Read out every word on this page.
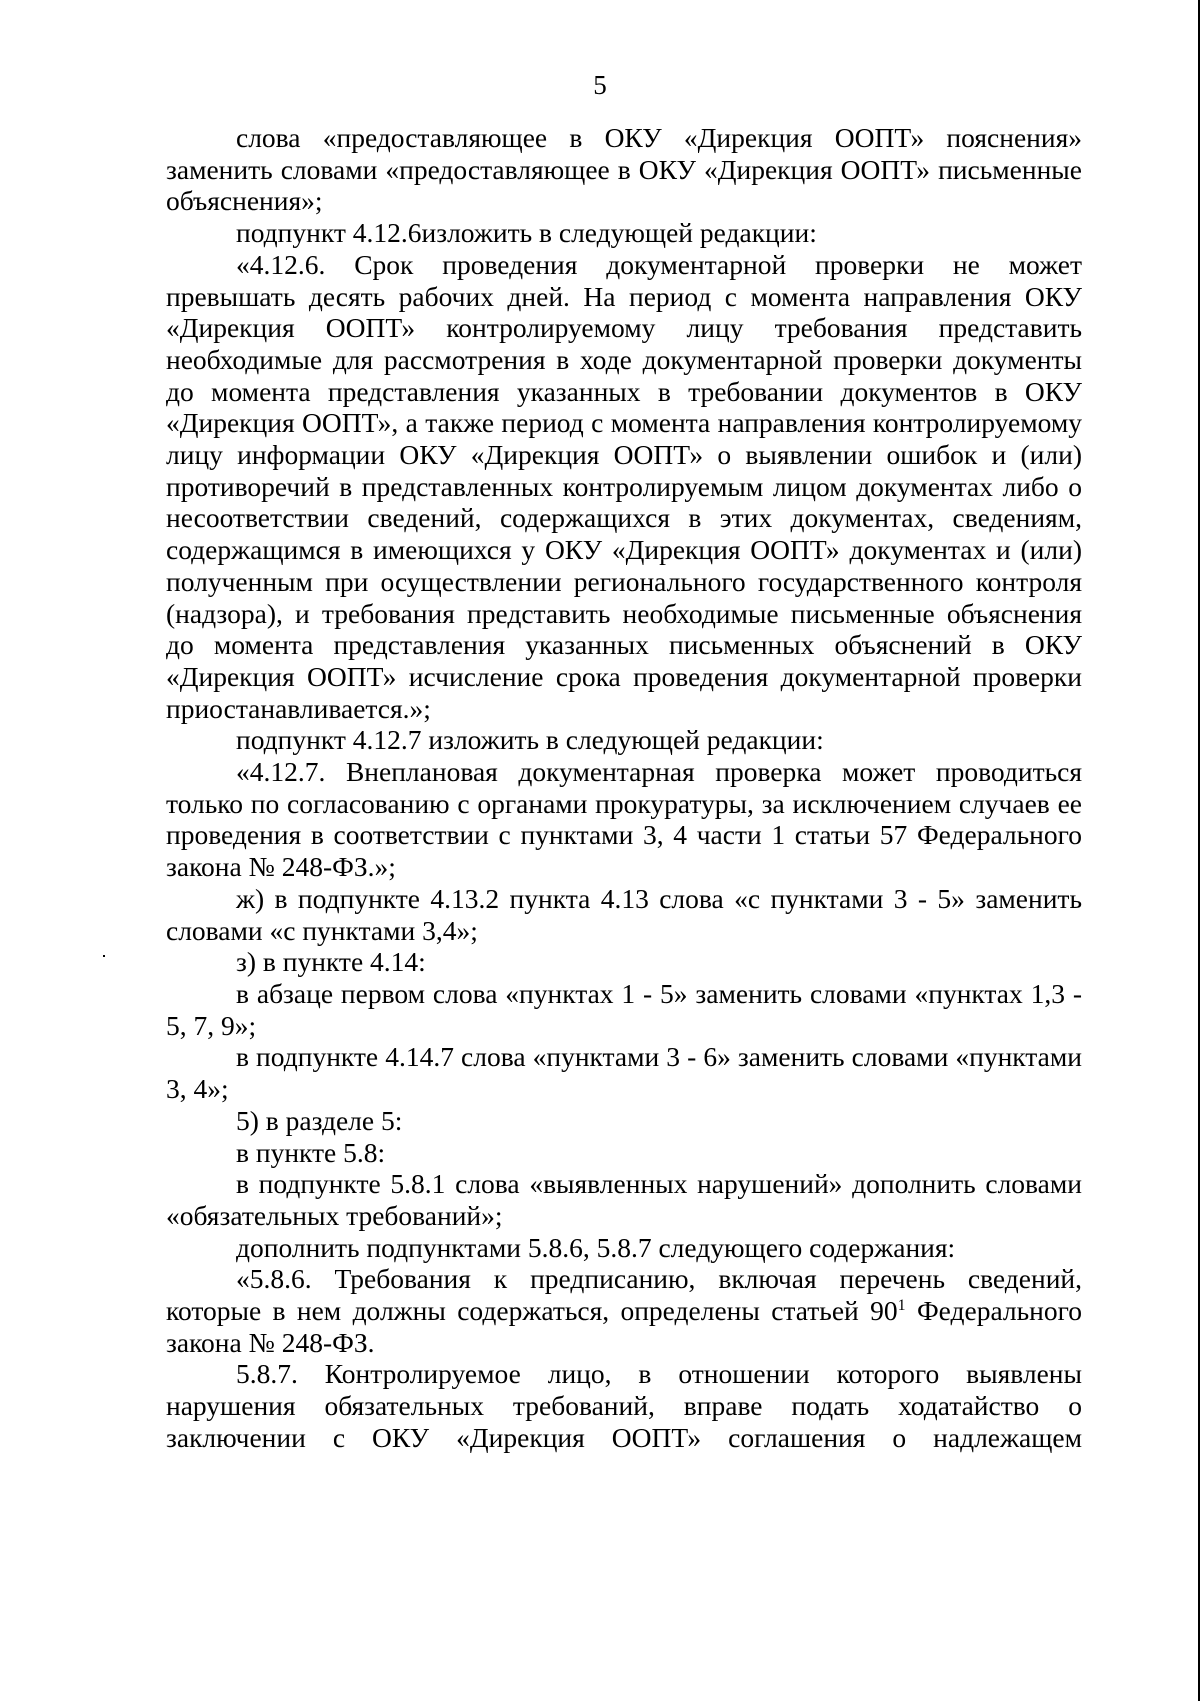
5

слова «предоставляющее в ОКУ «Дирекция ООПТ» пояснения» заменить словами «предоставляющее в ОКУ «Дирекция ООПТ» письменные объяснения»;

подпункт 4.12.6изложить в следующей редакции:

«4.12.6. Срок проведения документарной проверки не может превышать десять рабочих дней. На период с момента направления ОКУ «Дирекция ООПТ» контролируемому лицу требования представить необходимые для рассмотрения в ходе документарной проверки документы до момента представления указанных в требовании документов в ОКУ «Дирекция ООПТ», а также период с момента направления контролируемому лицу информации ОКУ «Дирекция ООПТ» о выявлении ошибок и (или) противоречий в представленных контролируемым лицом документах либо о несоответствии сведений, содержащихся в этих документах, сведениям, содержащимся в имеющихся у ОКУ «Дирекция ООПТ» документах и (или) полученным при осуществлении регионального государственного контроля (надзора), и требования представить необходимые письменные объяснения до момента представления указанных письменных объяснений в ОКУ «Дирекция ООПТ» исчисление срока проведения документарной проверки приостанавливается.»;

подпункт 4.12.7 изложить в следующей редакции:

«4.12.7. Внеплановая документарная проверка может проводиться только по согласованию с органами прокуратуры, за исключением случаев ее проведения в соответствии с пунктами 3, 4 части 1 статьи 57 Федерального закона № 248-ФЗ.»;

ж) в подпункте 4.13.2 пункта 4.13 слова «с пунктами 3 - 5» заменить словами «с пунктами 3,4»;

з) в пункте 4.14:

в абзаце первом слова «пунктах 1 - 5» заменить словами «пунктах 1,3 - 5, 7, 9»;

в подпункте 4.14.7 слова «пунктами 3 - 6» заменить словами «пунктами 3, 4»;

5) в разделе 5:

в пункте 5.8:

в подпункте 5.8.1 слова «выявленных нарушений» дополнить словами «обязательных требований»;

дополнить подпунктами 5.8.6, 5.8.7 следующего содержания:

«5.8.6. Требования к предписанию, включая перечень сведений, которые в нем должны содержаться, определены статьей $90^1$ Федерального закона № 248-ФЗ.

5.8.7. Контролируемое лицо, в отношении которого выявлены нарушения обязательных требований, вправе подать ходатайство о заключении с ОКУ «Дирекция ООПТ» соглашения о надлежащем
